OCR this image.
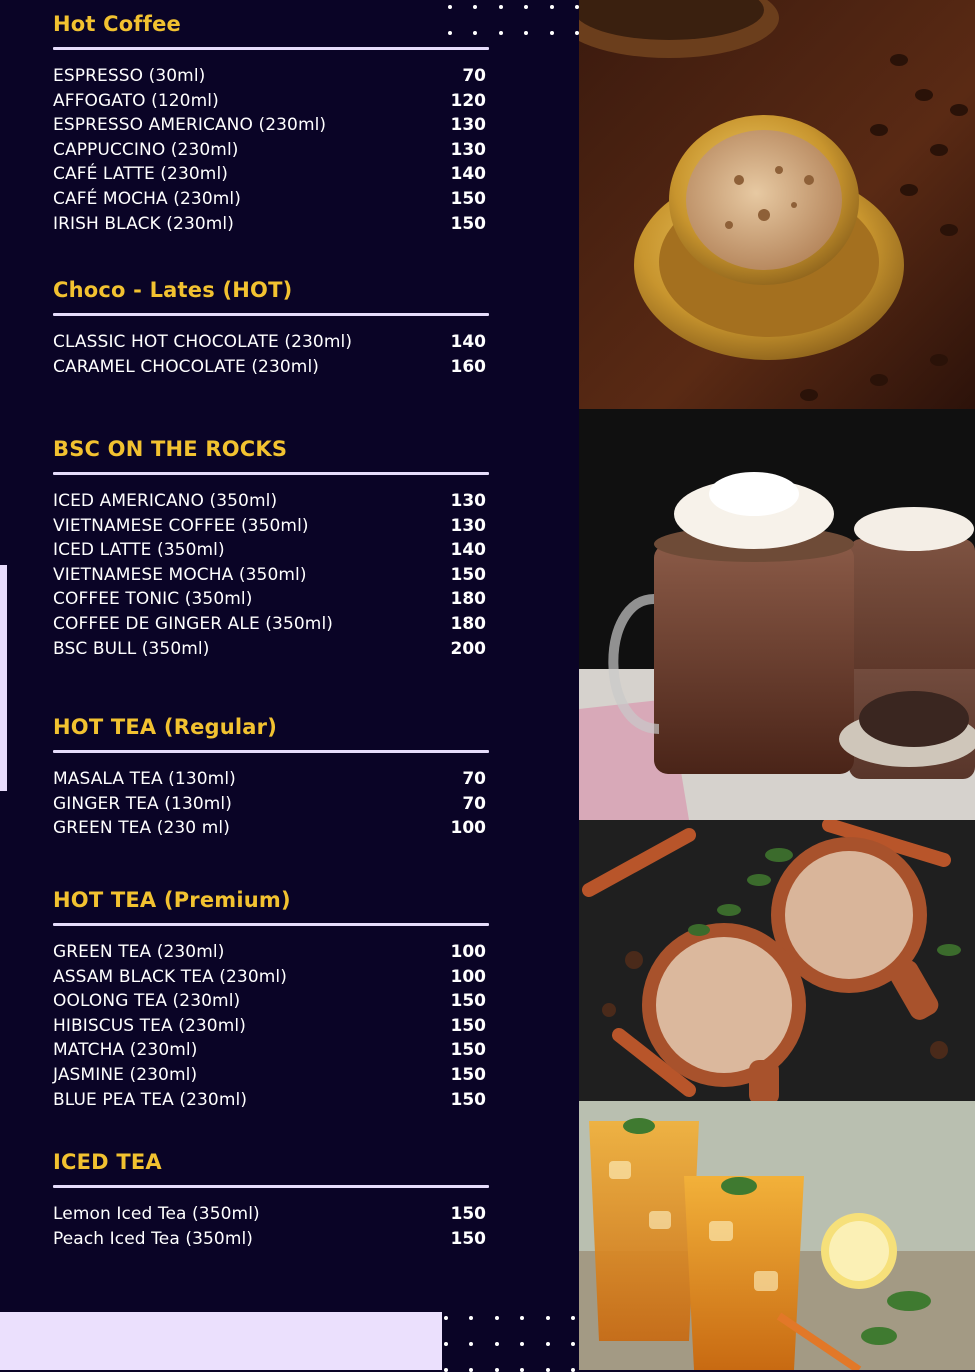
Hot Coffee
ESPRESSO (30ml)	70
AFFOGATO (120ml)	120
ESPRESSO AMERICANO (230ml)	130
CAPPUCCINO (230ml)	130
CAFÉ LATTE (230ml)	140
CAFÉ MOCHA (230ml)	150
IRISH BLACK (230ml)	150
Choco - Lates (HOT)
CLASSIC HOT CHOCOLATE (230ml)	140
CARAMEL CHOCOLATE (230ml)	160
BSC ON THE ROCKS
ICED AMERICANO (350ml)	130
VIETNAMESE COFFEE (350ml)	130
ICED LATTE (350ml)	140
VIETNAMESE MOCHA (350ml)	150
COFFEE TONIC (350ml)	180
COFFEE DE GINGER ALE (350ml)	180
BSC BULL (350ml)	200
HOT TEA (Regular)
MASALA TEA (130ml)	70
GINGER TEA (130ml)	70
GREEN TEA (230 ml)	100
HOT TEA (Premium)
GREEN TEA (230ml)	100
ASSAM BLACK TEA (230ml)	100
OOLONG TEA (230ml)	150
HIBISCUS TEA (230ml)	150
MATCHA (230ml)	150
JASMINE (230ml)	150
BLUE PEA TEA (230ml)	150
ICED TEA
Lemon Iced Tea (350ml)	150
Peach Iced Tea (350ml)	150
